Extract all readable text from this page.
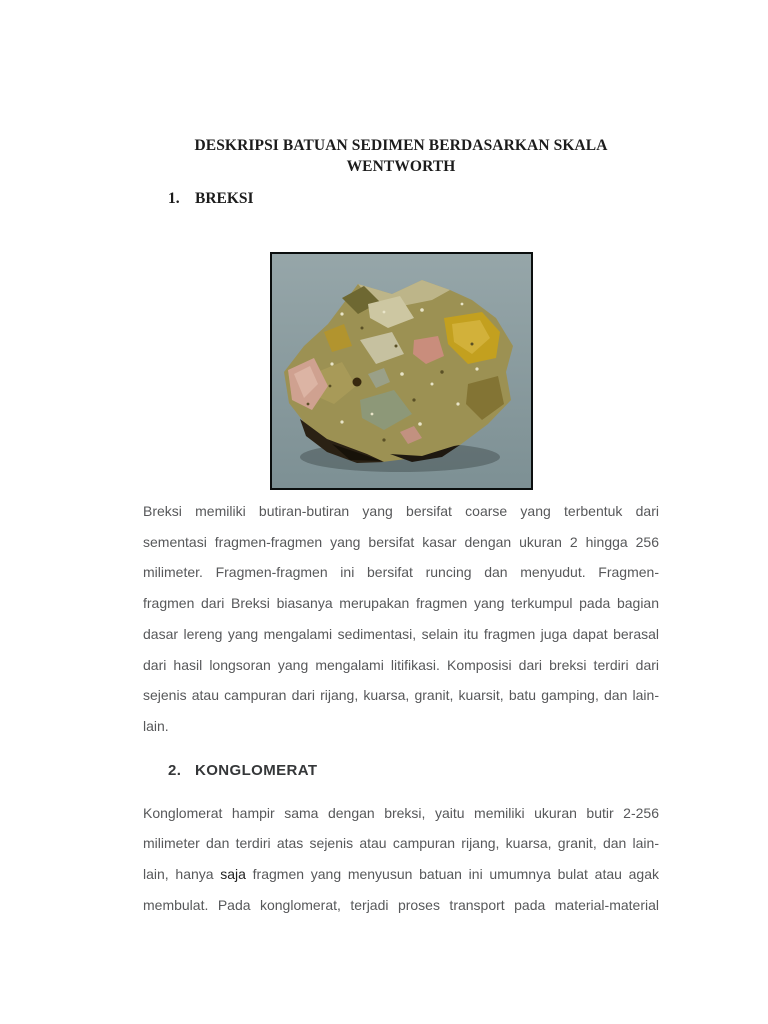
DESKRIPSI BATUAN SEDIMEN BERDASARKAN SKALA WENTWORTH
1. BREKSI
Breksi memiliki butiran-butiran yang bersifat coarse yang terbentuk dari
sementasi fragmen-fragmen yang bersifat kasar dengan ukuran 2 hingga 256
milimeter. Fragmen-fragmen ini bersifat runcing dan menyudut. Fragmen-
fragmen dari Breksi biasanya merupakan fragmen yang terkumpul pada bagian
dasar lereng yang mengalami sedimentasi, selain itu fragmen juga dapat berasal
dari hasil longsoran yang mengalami litifikasi. Komposisi dari breksi terdiri dari
sejenis atau campuran dari rijang, kuarsa, granit, kuarsit, batu gamping, dan lain-
lain.
2. KONGLOMERAT
Konglomerat hampir sama dengan breksi, yaitu memiliki ukuran butir 2-256
milimeter dan terdiri atas sejenis atau campuran rijang, kuarsa, granit, dan lain-
lain, hanya saja fragmen yang menyusun batuan ini umumnya bulat atau agak
membulat. Pada konglomerat, terjadi proses transport pada material-material
